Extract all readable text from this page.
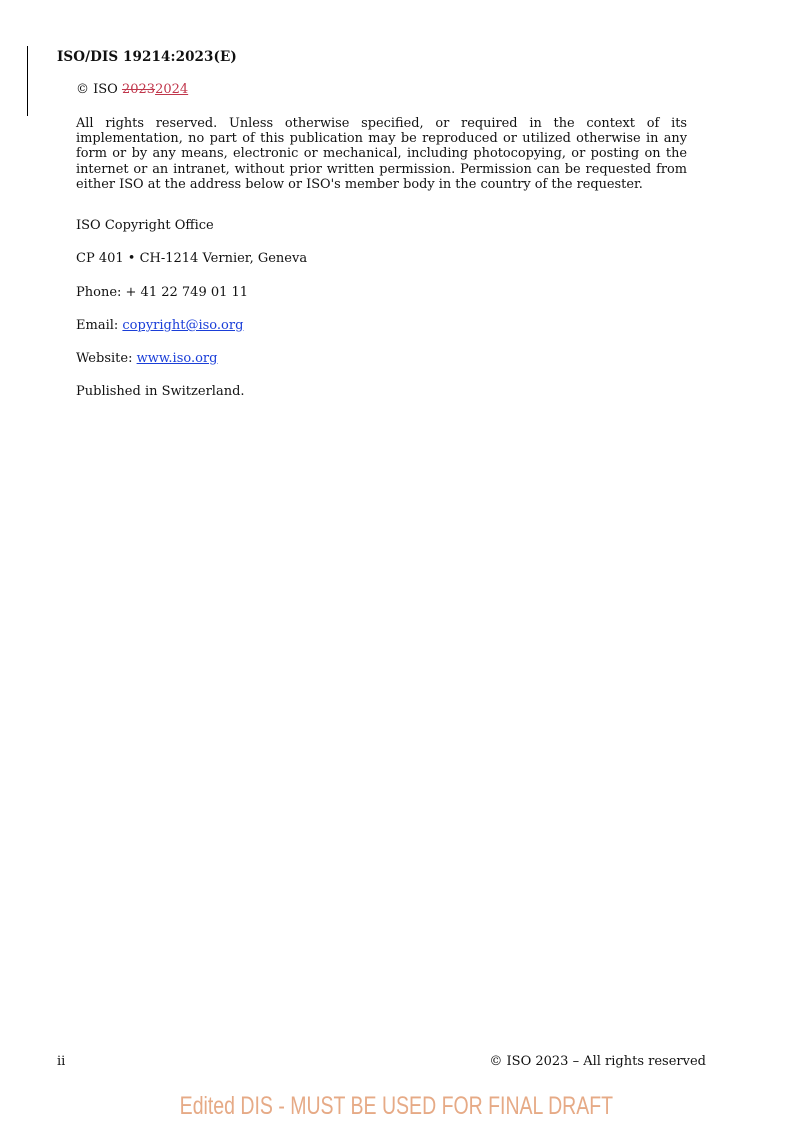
ISO/DIS 19214:2023(E)
© ISO 20232024
All rights reserved. Unless otherwise specified, or required in the context of its implementation, no part of this publication may be reproduced or utilized otherwise in any form or by any means, electronic or mechanical, including photocopying, or posting on the internet or an intranet, without prior written permission. Permission can be requested from either ISO at the address below or ISO's member body in the country of the requester.
ISO Copyright Office
CP 401 • CH-1214 Vernier, Geneva
Phone: + 41 22 749 01 11
Email: copyright@iso.org
Website: www.iso.org
Published in Switzerland.
ii	© ISO 2023 – All rights reserved
Edited DIS - MUST BE USED FOR FINAL DRAFT
